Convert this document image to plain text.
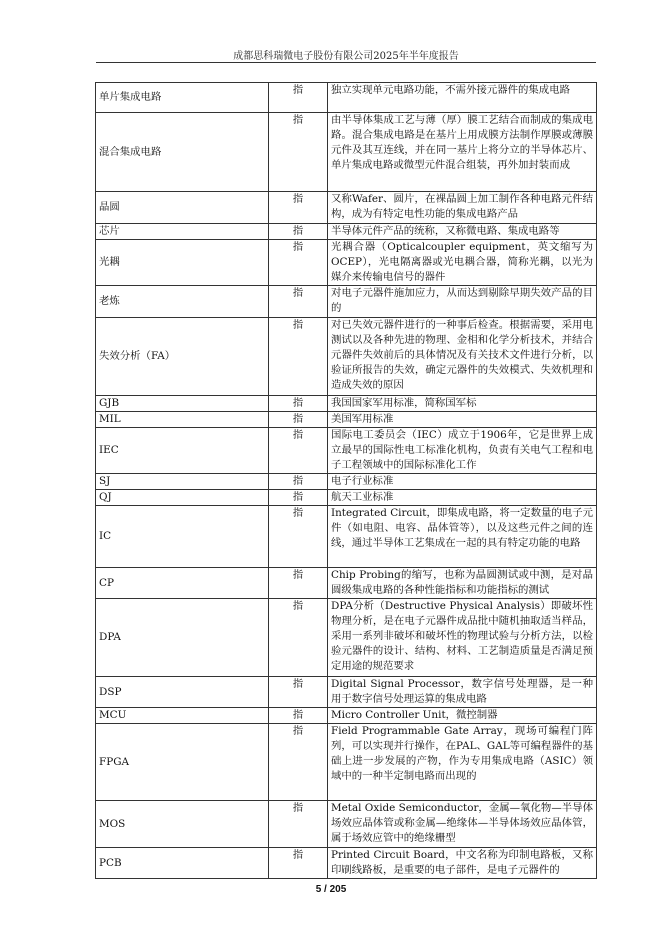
成都思科瑞微电子股份有限公司2025年半年度报告
单片集成电路	指	独立实现单元电路功能，不需外接元器件的集成电路
混合集成电路	指	由半导体集成工艺与薄（厚）膜工艺结合而制成的集成电路。混合集成电路是在基片上用成膜方法制作厚膜或薄膜元件及其互连线，并在同一基片上将分立的半导体芯片、单片集成电路或微型元件混合组装，再外加封装而成
晶圆	指	又称Wafer、圆片，在裸晶圆上加工制作各种电路元件结构，成为有特定电性功能的集成电路产品
芯片	指	半导体元件产品的统称，又称微电路、集成电路等
光耦	指	光耦合器（Opticalcoupler equipment，英文缩写为OCEP），光电隔离器或光电耦合器，简称光耦，以光为媒介来传输电信号的器件
老炼	指	对电子元器件施加应力，从而达到剔除早期失效产品的目的
失效分析（FA）	指	对已失效元器件进行的一种事后检查。根据需要，采用电测试以及各种先进的物理、金相和化学分析技术，并结合元器件失效前后的具体情况及有关技术文件进行分析，以验证所报告的失效，确定元器件的失效模式、失效机理和造成失效的原因
GJB	指	我国国家军用标准，简称国军标
MIL	指	美国军用标准
IEC	指	国际电工委员会（IEC）成立于1906年，它是世界上成立最早的国际性电工标准化机构，负责有关电气工程和电子工程领域中的国际标准化工作
SJ	指	电子行业标准
QJ	指	航天工业标准
IC	指	Integrated Circuit，即集成电路，将一定数量的电子元件（如电阻、电容、晶体管等），以及这些元件之间的连线，通过半导体工艺集成在一起的具有特定功能的电路
CP	指	Chip Probing的缩写，也称为晶圆测试或中测，是对晶圆级集成电路的各种性能指标和功能指标的测试
DPA	指	DPA分析（Destructive Physical Analysis）即破坏性物理分析，是在电子元器件成品批中随机抽取适当样品，采用一系列非破坏和破坏性的物理试验与分析方法，以检验元器件的设计、结构、材料、工艺制造质量是否满足预定用途的规范要求
DSP	指	Digital Signal Processor，数字信号处理器，是一种用于数字信号处理运算的集成电路
MCU	指	Micro Controller Unit，微控制器
FPGA	指	Field Programmable Gate Array，现场可编程门阵列，可以实现并行操作，在PAL、GAL等可编程器件的基础上进一步发展的产物，作为专用集成电路（ASIC）领域中的一种半定制电路而出现的
MOS	指	Metal Oxide Semiconductor，金属—氧化物—半导体场效应晶体管或称金属—绝缘体—半导体场效应晶体管，属于场效应管中的绝缘栅型
PCB	指	Printed Circuit Board，中文名称为印制电路板，又称印刷线路板，是重要的电子部件，是电子元器件的
5 / 205
